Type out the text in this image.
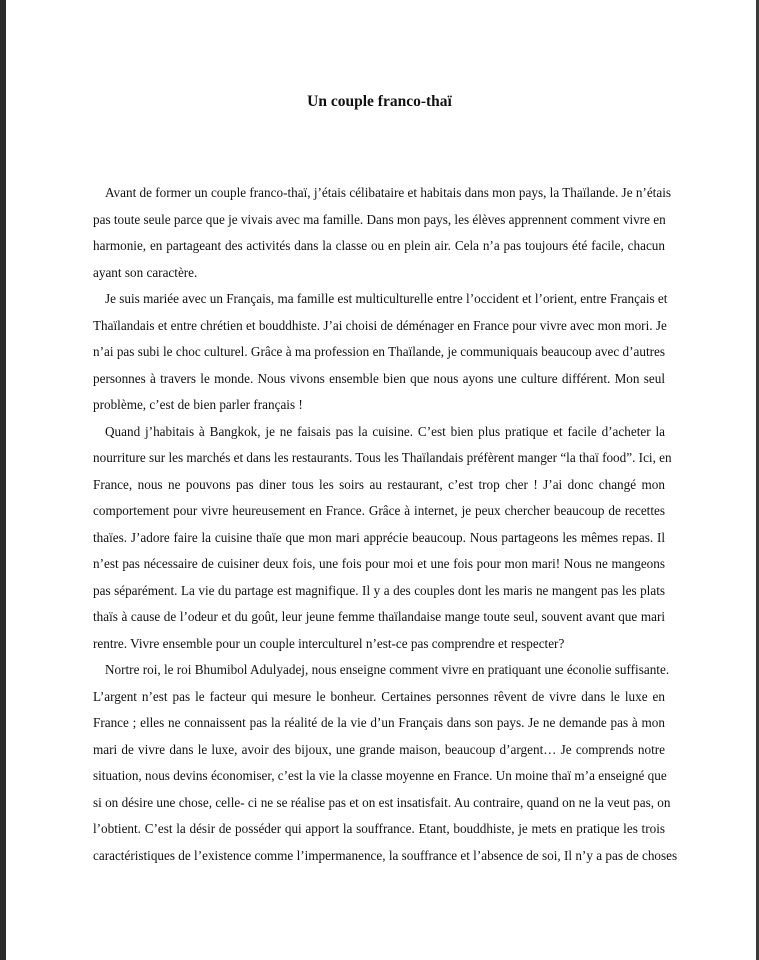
Un couple franco-thaï

Avant de former un couple franco-thaï, j’étais célibataire et habitais dans mon pays, la Thaïlande. Je n’étais
pas toute seule parce que je vivais avec ma famille. Dans mon pays, les élèves apprennent comment vivre en
harmonie, en partageant des activités dans la classe ou en plein air. Cela n’a pas toujours été facile, chacun
ayant son caractère.

Je suis mariée avec un Français, ma famille est multiculturelle entre l’occident et l’orient, entre Français et
Thaïlandais et entre chrétien et bouddhiste. J’ai choisi de déménager en France pour vivre avec mon mori. Je
n’ai pas subi le choc culturel. Grâce à ma profession en Thaïlande, je communiquais beaucoup avec d’autres
personnes à travers le monde. Nous vivons ensemble bien que nous ayons une culture différent. Mon seul
problème, c’est de bien parler français !

Quand j’habitais à Bangkok, je ne faisais pas la cuisine. C’est bien plus pratique et facile d’acheter la
nourriture sur les marchés et dans les restaurants. Tous les Thaïlandais préfèrent manger “la thaï food”. Ici, en
France, nous ne pouvons pas diner tous les soirs au restaurant, c’est trop cher ! J’ai donc changé mon
comportement pour vivre heureusement en France. Grâce à internet, je peux chercher beaucoup de recettes
thaïes. J’adore faire la cuisine thaïe que mon mari apprécie beaucoup. Nous partageons les mêmes repas. Il
n’est pas nécessaire de cuisiner deux fois, une fois pour moi et une fois pour mon mari! Nous ne mangeons
pas séparément. La vie du partage est magnifique. Il y a des couples dont les maris ne mangent pas les plats
thaïs à cause de l’odeur et du goût, leur jeune femme thaïlandaise mange toute seul, souvent avant que mari
rentre. Vivre ensemble pour un couple interculturel n’est-ce pas comprendre et respecter?

Nortre roi, le roi Bhumibol Adulyadej, nous enseigne comment vivre en pratiquant une éconolie suffisante.
L’argent n’est pas le facteur qui mesure le bonheur. Certaines personnes rêvent de vivre dans le luxe en
France ; elles ne connaissent pas la réalité de la vie d’un Français dans son pays. Je ne demande pas à mon
mari de vivre dans le luxe, avoir des bijoux, une grande maison, beaucoup d’argent… Je comprends notre
situation, nous devins économiser, c’est la vie la classe moyenne en France. Un moine thaï m’a enseigné que
si on désire une chose, celle- ci ne se réalise pas et on est insatisfait. Au contraire, quand on ne la veut pas, on
l’obtient. C’est la désir de posséder qui apport la souffrance. Etant, bouddhiste, je mets en pratique les trois
caractéristiques de l’existence comme l’impermanence, la souffrance et l’absence de soi, Il n’y a pas de choses
